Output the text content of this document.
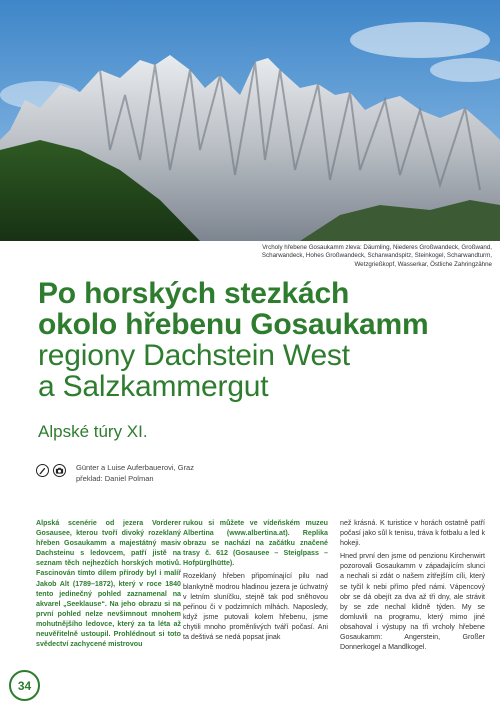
Vrcholy hřebene Gosaukamm zleva: Däumling, Niederes Großwandeck, Großwand, Scharwandeck, Hohes Großwandeck, Scharwandspitz, Steinkogel, Scharwandturm, Wetzgrießkopf, Wasserkar, Östliche Zahringzähne
Po horských stezkách
okolo hřebenu Gosaukamm
regiony Dachstein West
a Salzkammergut
Alpské túry XI.
Günter a Luise Auferbauerovi, Graz
překlad: Daniel Polman

Alpská scenérie od jezera Vorderer Gosausee, kterou tvoří divoký rozeklaný hřeben Gosaukamm a majestátný masiv Dachsteinu s ledovcem, patří jistě na seznam těch nejhezčích horských motivů. Fascinován tímto dílem přírody byl i malíř Jakob Alt (1789–1872), který v roce 1840 tento jedinečný pohled zaznamenal na akvarel „Seeklause“. Na jeho obrazu si na první pohled nelze nevšimnout mnohem mohutnějšího ledovce, který za ta léta až neuvěřitelně ustoupil. Prohlédnout si toto svědectví zachycené mistrovou

rukou si můžete ve vídeňském muzeu Albertina (www.albertina.at). Replika obrazu se nachází na začátku značené trasy č. 612 (Gosausee – Steiglpass – Hofpürglhütte).

Rozeklaný hřeben připomínající pilu nad blankytně modrou hladinou jezera je úchvatný v letním sluníčku, stejně tak pod sněhovou peřinou či v podzimních mlhách. Naposledy, když jsme putovali kolem hřebenu, jsme chytili mnoho proměnlivých tváří počasí. Ani ta deštivá se nedá popsat jinak

než krásná. K turistice v horách ostatně patří počasí jako sůl k tenisu, tráva k fotbalu a led k hokeji.

Hned první den jsme od penzionu Kirchenwirt pozorovali Gosaukamm v západajícím slunci a nechali si zdát o našem zítřejším cíli, který se tyčil k nebi přímo před námi. Vápencový obr se dá obejít za dva až tři dny, ale strávit by se zde nechal klidně týden. My se domluvili na programu, který mimo jiné obsahoval i výstupy na tři vrcholy hřebene Gosaukamm: Angerstein, Großer Donnerkogel a Mandlkogel.

34
